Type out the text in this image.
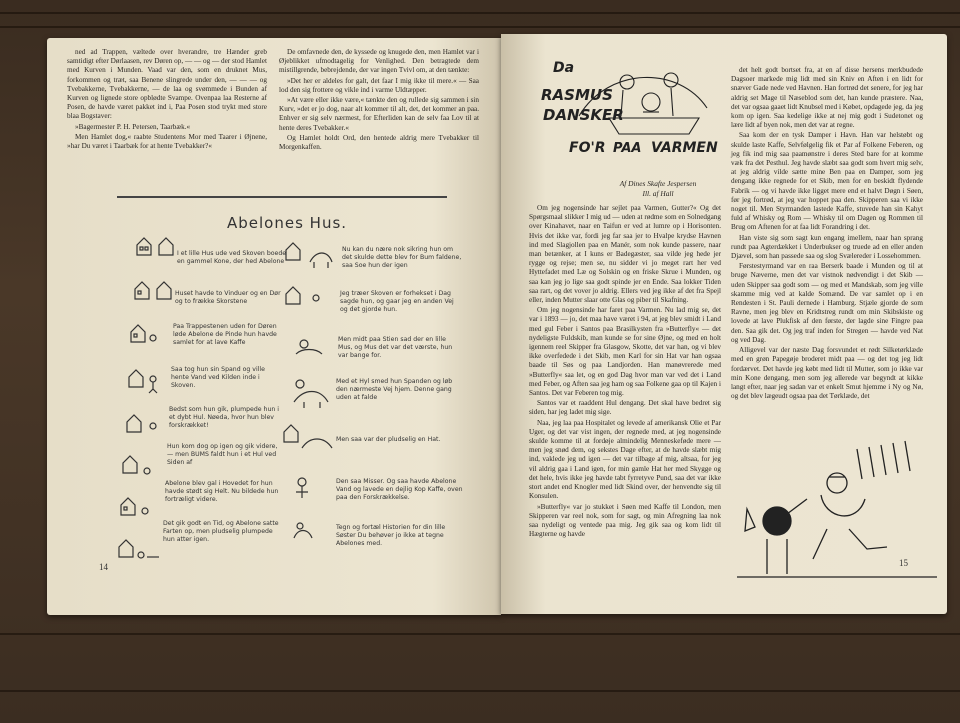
ned ad Trappen, væltede over hverandre, tre Hænder greb samtidigt efter Dørlaasen, rev Døren op, — — og — der stod Hamlet med Kurven i Munden. Vaad var den, som en druknet Mus, forkommen og træt, saa Benene slingrede under den, — — — og Tvebakkerne, Tvebakkerne, — de laa og svømmede i Bunden af Kurven og lignede store opblødte Svampe. Ovenpaa laa Resterne af Posen, de havde været pakket ind i, Paa Posen stod trykt med store blaa Bogstaver:

»Bagermester P. H. Petersen, Taarbæk.«

Men Hamlet dog,« raabte Studentens Mor med Taarer i Øjnene, »har Du været i Taarbæk for at hente Tvebakker?«

De omfavnede den, de kyssede og knugede den, men Hamlet var i Øjeblikket ufmodtagelig for Venlighed. Den betragtede dem mistillgrende, bebrejdende, der var ingen Tvivl om, at den tænkte:

»Det her er aldeles for galt, det faar I mig ikke til mere.« — Saa lod den sig frottere og vikle ind i varme Uldtæpper.

»At være eller ikke være,« tænkte den og rullede sig sammen i sin Kurv, »det er jo dog, naar alt kommer til alt, det, det kommer an paa. Enhver er sig selv nærmest, for Efterliden kan de selv faa Lov til at hente deres Tvebakker.«

Og Hamlet holdt Ord, den hentede aldrig mere Tvebakker til Morgenkaffen.

Abelones Hus.
I et lille Hus ude ved Skoven boede en gammel Kone, der hed Abelone
Huset havde to Vinduer og en Dør og to frække Skorstene
Paa Trappestenen uden for Døren løde Abelone de Pinde hun havde samlet for at lave Kaffe
Saa tog hun sin Spand og ville hente Vand ved Kilden inde i Skoven.
Bedst som hun gik, plumpede hun i et dybt Hul. Nøeda, hvor hun blev forskrækket!
Hun kom dog op igen og gik videre, — men BUMS faldt hun i et Hul ved Siden af
Abelone blev gal i Hovedet for hun havde stødt sig Helt. Nu bildede hun fortræligt videre.
Det gik godt en Tid, og Abelone satte Farten op, men pludselig plumpede hun atter igen.
Nu kan du nære nok sikring hun om det skulde dette blev for Bum faldene, saa Soe hun der igen
Jeg træer Skoven er forhekset i Dag sagde hun, og gaar jeg en anden Vej og det gjorde hun.
Men midt paa Stien sad der en lille Mus, og Mus det var det værste, hun var bange for.
Med et Hyl smed hun Spanden og løb den nærmeste Vej hjem. Denne gang uden at falde
Men saa var der pludselig en Hat.
Den saa Misser. Og saa havde Abelone Vand og lavede en dejlig Kop Kaffe, oven paa den Forskrækkelse.
Tegn og fortæl Historien for din lille Søster Du behøver jo ikke at tegne Abelones med.
14
Da
RASMUS
DANSKER
FO'R PAA VARMEN
Af Dines Skafte Jespersen
Ill. af Hall

Om jeg nogensinde har sejlet paa Varmen, Gutter?« Og det Spørgsmaal slikker I mig ud — uden at rødme som en Solnedgang over Kinahavet, naar en Taifun er ved at lumre op i Horisonten. Hvis det ikke var, fordi jeg far saa jer to Hvalpe krydse Havnen ind med Slagjollen paa en Manér, som nok kunde passere, naar man betænker, at I kuns er Badegæster, saa vilde jeg hede jer rygge og rejse; men se, nu sidder vi jo meget rart her ved Hyttefadet med Læ og Solskin og en friske Skrue i Munden, og saa kan jeg jo lige saa godt spinde jer en Ende. Saa lokker Tiden saa rart, og det vover jo aldrig. Ellers ved jeg ikke af det fra Spejl eller, inden Mutter slaar otte Glas og piber til Skafning.

Om jeg nogensinde har faret paa Varmen. Nu lad mig se, det var i 1893 — jo, det maa have været i 94, at jeg blev smidt i Land med gul Feber i Santos paa Brasilkysten fra »Butterfly« — det nydeligste Fuldskib, man kunde se for sine Øjne, og med en holt igennem reel Skipper fra Glasgow, Skotte, det var han, og vi blev ikke overfedede i det Skib, men Karl for sin Hat var han ogsaa baade til Søs og paa Landjorden. Han manøvrerede med »Butterfly« saa let, og en god Dag hvor man var ved det i Land med Feber, og Aften saa jeg ham og saa Folkene gaa op til Kajen i Santos. Det var Feberen tog mig.

Santos var et raaddent Hul dengang. Det skal have bedret sig siden, har jeg ladet mig sige.

Naa, jeg laa paa Hospitalet og levede af amerikansk Olie et Par Uger, og det var vist ingen, der regnede med, at jeg nogensinde skulde komme til at fordøje almindelig Menneskeføde mere — men jeg snød dem, og sekstes Dage efter, at de havde slæbt mig ind, vaklede jeg ud igen — det var tilbage af mig, altsaa, for jeg vil aldrig gaa i Land igen, for min gamle Hat her med Skygge og det hele, hvis ikke jeg havde tabt fyrretyve Pund, saa det var ikke stort andet end Knogler med lidt Skind over, der henvendte sig til Konsulen.

»Butterfly« var jo stukket i Søen med Kaffe til London, men Skipperen var reel nok, som for sagt, og min Afregning laa nok saa nydeligt og ventede paa mig. Jeg gik saa og kom lidt til Hægterne og havde

det helt godt bortset fra, at en af disse hersens merkbudede Dagsoer markede mig lidt med sin Kniv en Aften i en lidt for snæver Gade nede ved Havnen. Han fortrød det senere, for jeg har aldrig set Mage til Næseblod som det, han kunde præstere. Naa, det var ogsaa gaaet lidt Knubsel med i Købet, opdagede jeg, da jeg kom op igen. Saa kedelige ikke at nej mig godt i Sudetonet og lære lidt af byen nok, men det var at regne.

Saa kom der en tysk Damper i Havn. Han var helstøbt og skulde laste Kaffe, Selvfølgelig fik et Par af Folkene Feberen, og jeg fik ind mig saa paamønstre i deres Sted bare for at komme væk fra det Pesthul. Jeg havde slæbt saa godt som hvert mig selv, at jeg aldrig vilde sætte mine Ben paa en Damper, som jeg dengang ikke regnede for et Skib, men for en beskidt flydende Fabrik — og vi havde ikke ligget mere end et halvt Døgn i Søen, før jeg fortrød, at jeg var hoppet paa den. Skipperen saa vi ikke noget til. Men Styrmanden lastede Kaffe, stuvede han sin Kahyt fuld af Whisky og Rom — Whisky til om Dagen og Rommen til Brug om Aftenen for at faa lidt Forandring i det.

Han viste sig som sagt kun engang imellem, naar han sprang rundt paa Agterdækket i Underbukser og truede ad en eller anden Djævel, som han passede saa og slog Svælereder i Lossehommen.

Førstestyrmand var en raa Berserk baade i Munden og til at bruge Næverne, men det var vistnok nødvendigt i det Skib — uden Skipper saa godt som — og med et Mandskab, som jeg ville skamme mig ved at kalde Somænd. De var samlet op i en Rendesten i St. Pauli dernede i Hamburg. Stjæle gjorde de som Ravne, men jeg blev en Kridtstreg rundt om min Skibskiste og lovede at lave Plukfisk af den første, der lagde sine Fingre paa den. Saa gik det. Og jeg traf inden for Stregen — havde ved Nat og ved Dag.

Alligevel var der næste Dag forsvundet et rødt Silketørklæde med en grøn Papegøje broderet midt paa — og det tog jeg lidt fordærvet. Det havde jeg købt med lidt til Mutter, som jo ikke var min Kone dengang, men som jeg allerede var begyndt at kikke langt efter, naar jeg sadan var et enkelt Smut hjemme i Ny og Nø, og det blev lægeudt ogsaa paa det Tørklæde, det

15
